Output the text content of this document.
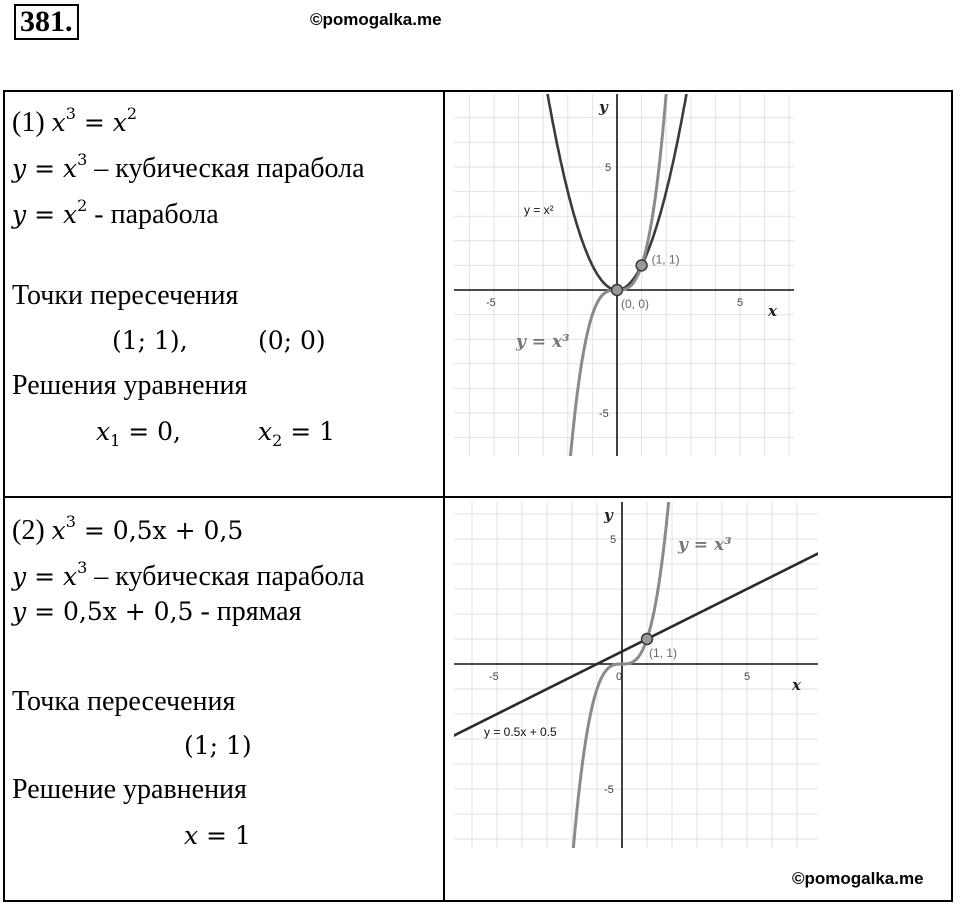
381.	©pomogalka.me
©pomogalka.me
(1) $x^3 = x^2$
$y = x^3$ – кубическая парабола
$y = x^2$ - парабола
Точки пересечения
(1; 1),	(0; 0)
Решения уравнения
$x_1 = 0$,	$x_2 = 1$
(2) $x^3 = 0,5x + 0,5$
$y = x^3$ – кубическая парабола
y = 0,5x + 0,5 - прямая
Точка пересечения
(1; 1)
Решение уравнения
x = 1
y
x
-5	5
5
-5
y = x²
y = x³
(1, 1)
(0, 0)
y
x
-5	0	5
5
-5
y = x³
y = 0.5x + 0.5
(1, 1)
